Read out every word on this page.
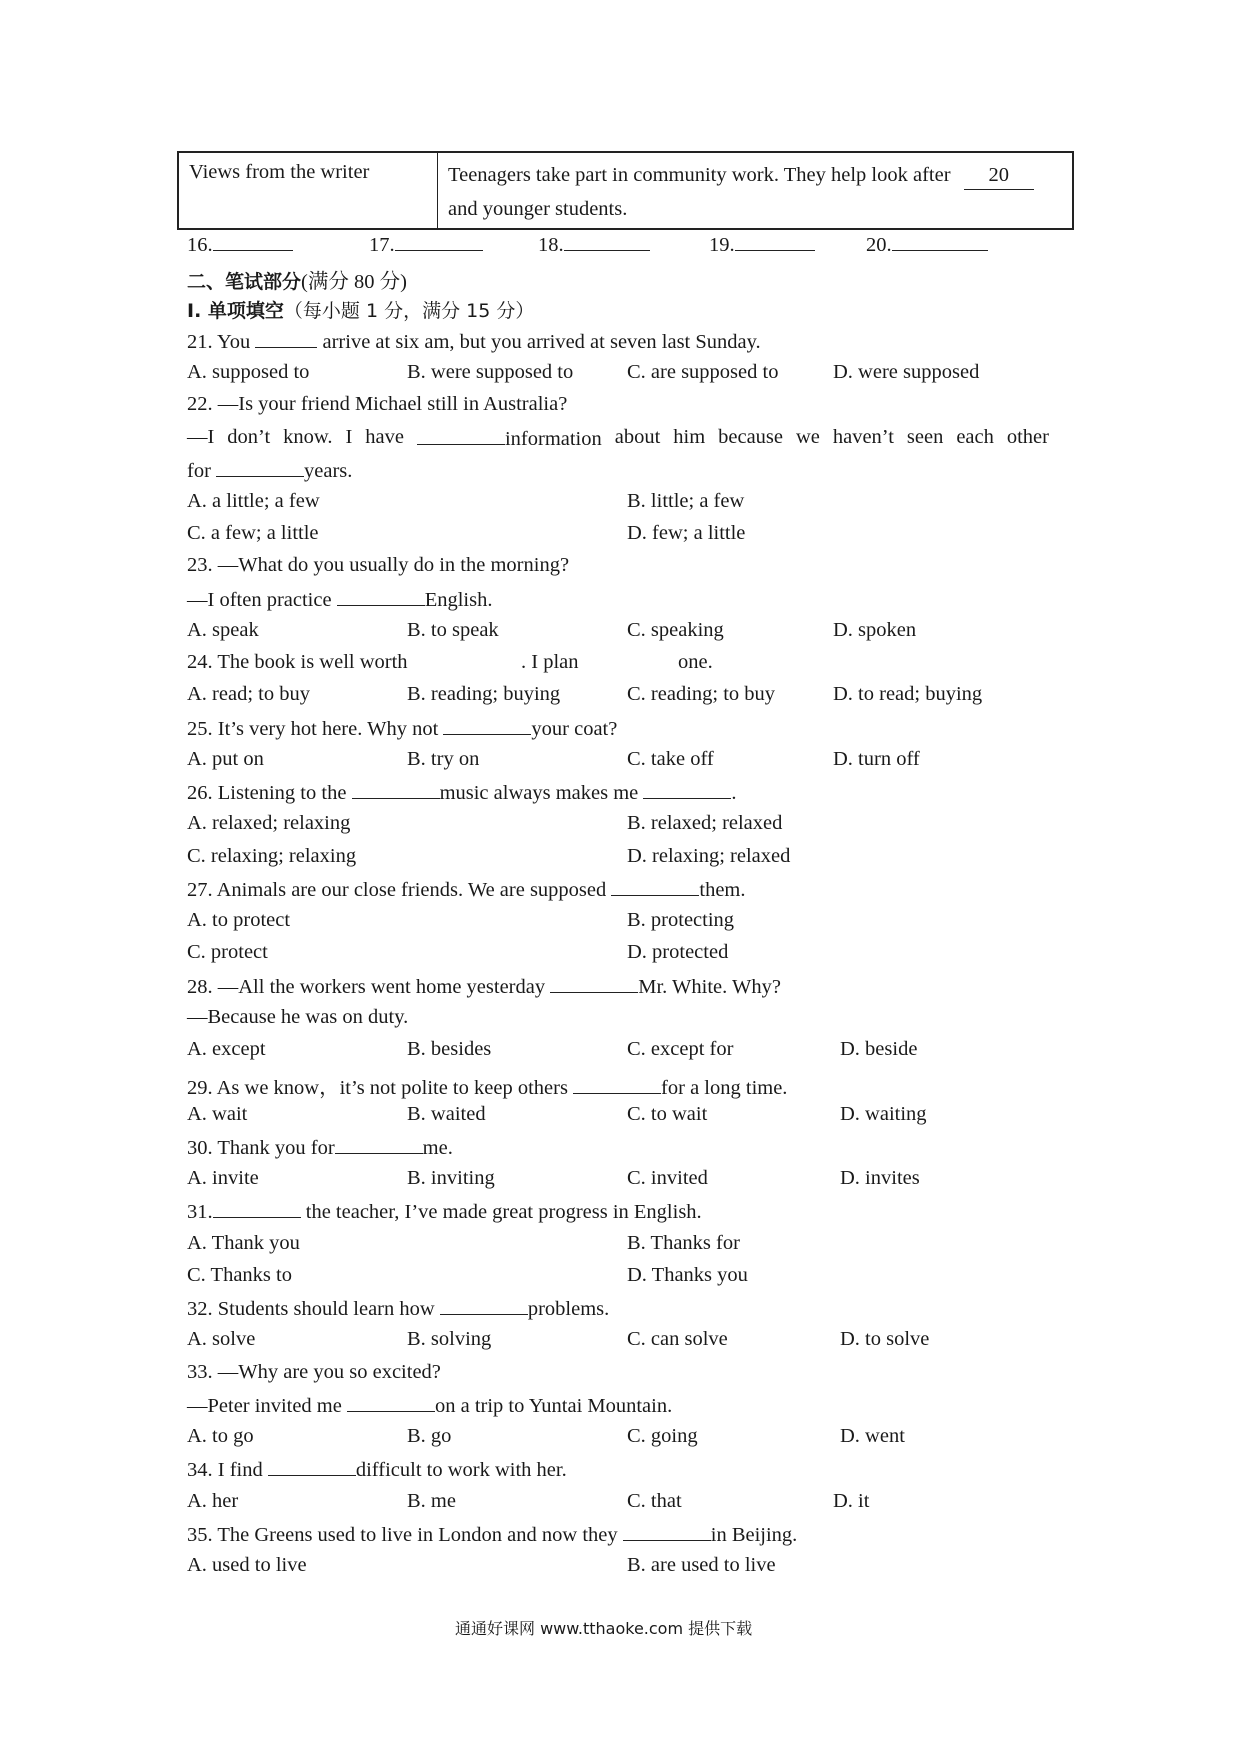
Views from the writer	Teenagers take part in community work. They help look after 20
and younger students.
16.	17.	18.	19.	20.
二、笔试部分(满分 80 分)
Ⅰ. 单项填空（每小题 1 分，满分 15 分）
21. You	arrive at six am, but you arrived at seven last Sunday.
A. supposed to	B. were supposed to	C. are supposed to	D. were supposed
22. —Is your friend Michael still in Australia?
—I don’t know. I have	information about him because we haven’t seen each other
for	years.
A. a little; a few	B. little; a few
C. a few; a little	D. few; a little
23. —What do you usually do in the morning?
—I often practice	English.
A. speak	B. to speak	C. speaking	D. spoken
24. The book is well worth	. I plan	one.
A. read; to buy	B. reading; buying	C. reading; to buy	D. to read; buying
25. It’s very hot here. Why not	your coat?
A. put on	B. try on	C. take off	D. turn off
26. Listening to the	music always makes me	.
A. relaxed; relaxing	B. relaxed; relaxed
C. relaxing; relaxing	D. relaxing; relaxed
27. Animals are our close friends. We are supposed	them.
A. to protect	B. protecting
C. protect	D. protected
28. —All the workers went home yesterday	Mr. White. Why?
—Because he was on duty.
A. except	B. besides	C. except for	D. beside
29. As we know，it’s not polite to keep others	for a long time.
A. wait	B. waited	C. to wait	D. waiting
30. Thank you for	me.
A. invite	B. inviting	C. invited	D. invites
31.	the teacher, I’ve made great progress in English.
A. Thank you	B. Thanks for
C. Thanks to	D. Thanks you
32. Students should learn how	problems.
A. solve	B. solving	C. can solve	D. to solve
33. —Why are you so excited?
—Peter invited me	on a trip to Yuntai Mountain.
A. to go	B. go	C. going	D. went
34. I find	difficult to work with her.
A. her	B. me	C. that	D. it
35. The Greens used to live in London and now they	in Beijing.
A. used to live	B. are used to live
通通好课网 www.tthaoke.com 提供下载
